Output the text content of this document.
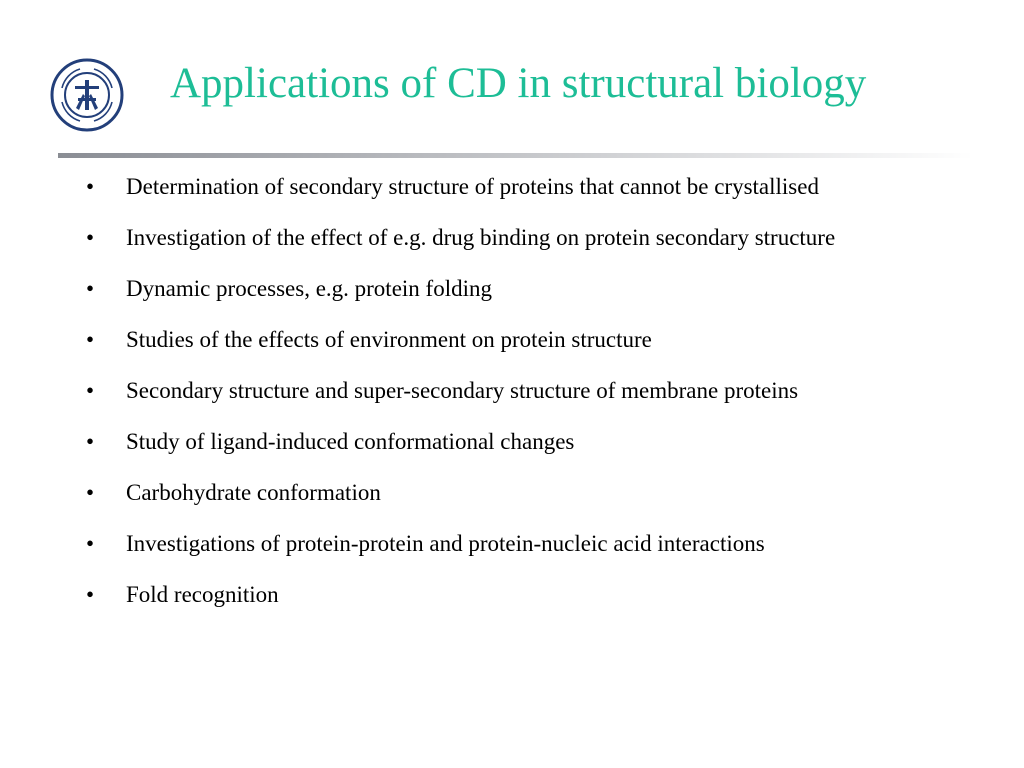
Applications of CD in structural biology
• Determination of secondary structure of proteins that cannot be crystallised
• Investigation of the effect of e.g. drug binding on protein secondary structure
• Dynamic processes, e.g. protein folding
• Studies of the effects of environment on protein structure
• Secondary structure and super-secondary structure of membrane proteins
• Study of ligand-induced conformational changes
• Carbohydrate conformation
• Investigations of protein-protein and protein-nucleic acid interactions
• Fold recognition
